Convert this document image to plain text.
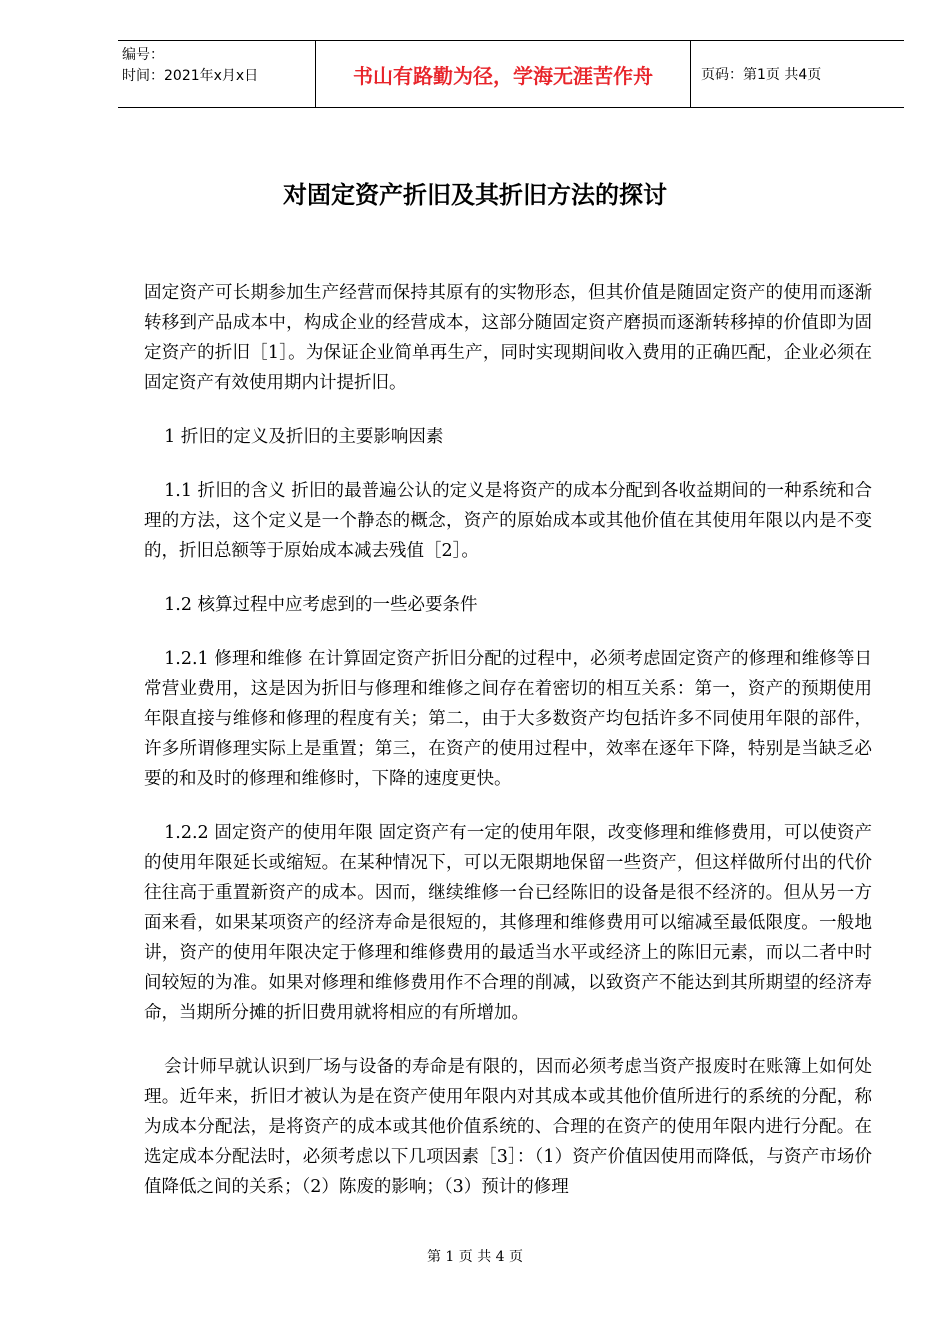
编号：
时间：2021年x月x日	书山有路勤为径，学海无涯苦作舟	页码：第1页 共4页
对固定资产折旧及其折旧方法的探讨

固定资产可长期参加生产经营而保持其原有的实物形态，但其价值是随固定资产的使用而逐渐转移到产品成本中，构成企业的经营成本，这部分随固定资产磨损而逐渐转移掉的价值即为固定资产的折旧［1］。为保证企业简单再生产，同时实现期间收入费用的正确匹配，企业必须在固定资产有效使用期内计提折旧。

1 折旧的定义及折旧的主要影响因素

1.1 折旧的含义 折旧的最普遍公认的定义是将资产的成本分配到各收益期间的一种系统和合理的方法，这个定义是一个静态的概念，资产的原始成本或其他价值在其使用年限以内是不变的，折旧总额等于原始成本减去残值［2］。

1.2 核算过程中应考虑到的一些必要条件

1.2.1 修理和维修 在计算固定资产折旧分配的过程中，必须考虑固定资产的修理和维修等日常营业费用，这是因为折旧与修理和维修之间存在着密切的相互关系：第一，资产的预期使用年限直接与维修和修理的程度有关；第二，由于大多数资产均包括许多不同使用年限的部件，许多所谓修理实际上是重置；第三，在资产的使用过程中，效率在逐年下降，特别是当缺乏必要的和及时的修理和维修时，下降的速度更快。

1.2.2 固定资产的使用年限 固定资产有一定的使用年限，改变修理和维修费用，可以使资产的使用年限延长或缩短。在某种情况下，可以无限期地保留一些资产，但这样做所付出的代价往往高于重置新资产的成本。因而，继续维修一台已经陈旧的设备是很不经济的。但从另一方面来看，如果某项资产的经济寿命是很短的，其修理和维修费用可以缩减至最低限度。一般地讲，资产的使用年限决定于修理和维修费用的最适当水平或经济上的陈旧元素，而以二者中时间较短的为准。如果对修理和维修费用作不合理的削减，以致资产不能达到其所期望的经济寿命，当期所分摊的折旧费用就将相应的有所增加。

会计师早就认识到厂场与设备的寿命是有限的，因而必须考虑当资产报废时在账簿上如何处理。近年来，折旧才被认为是在资产使用年限内对其成本或其他价值所进行的系统的分配，称为成本分配法，是将资产的成本或其他价值系统的、合理的在资产的使用年限内进行分配。在选定成本分配法时，必须考虑以下几项因素［3］：（1）资产价值因使用而降低，与资产市场价值降低之间的关系；（2）陈废的影响；（3）预计的修理

第 1 页 共 4 页
